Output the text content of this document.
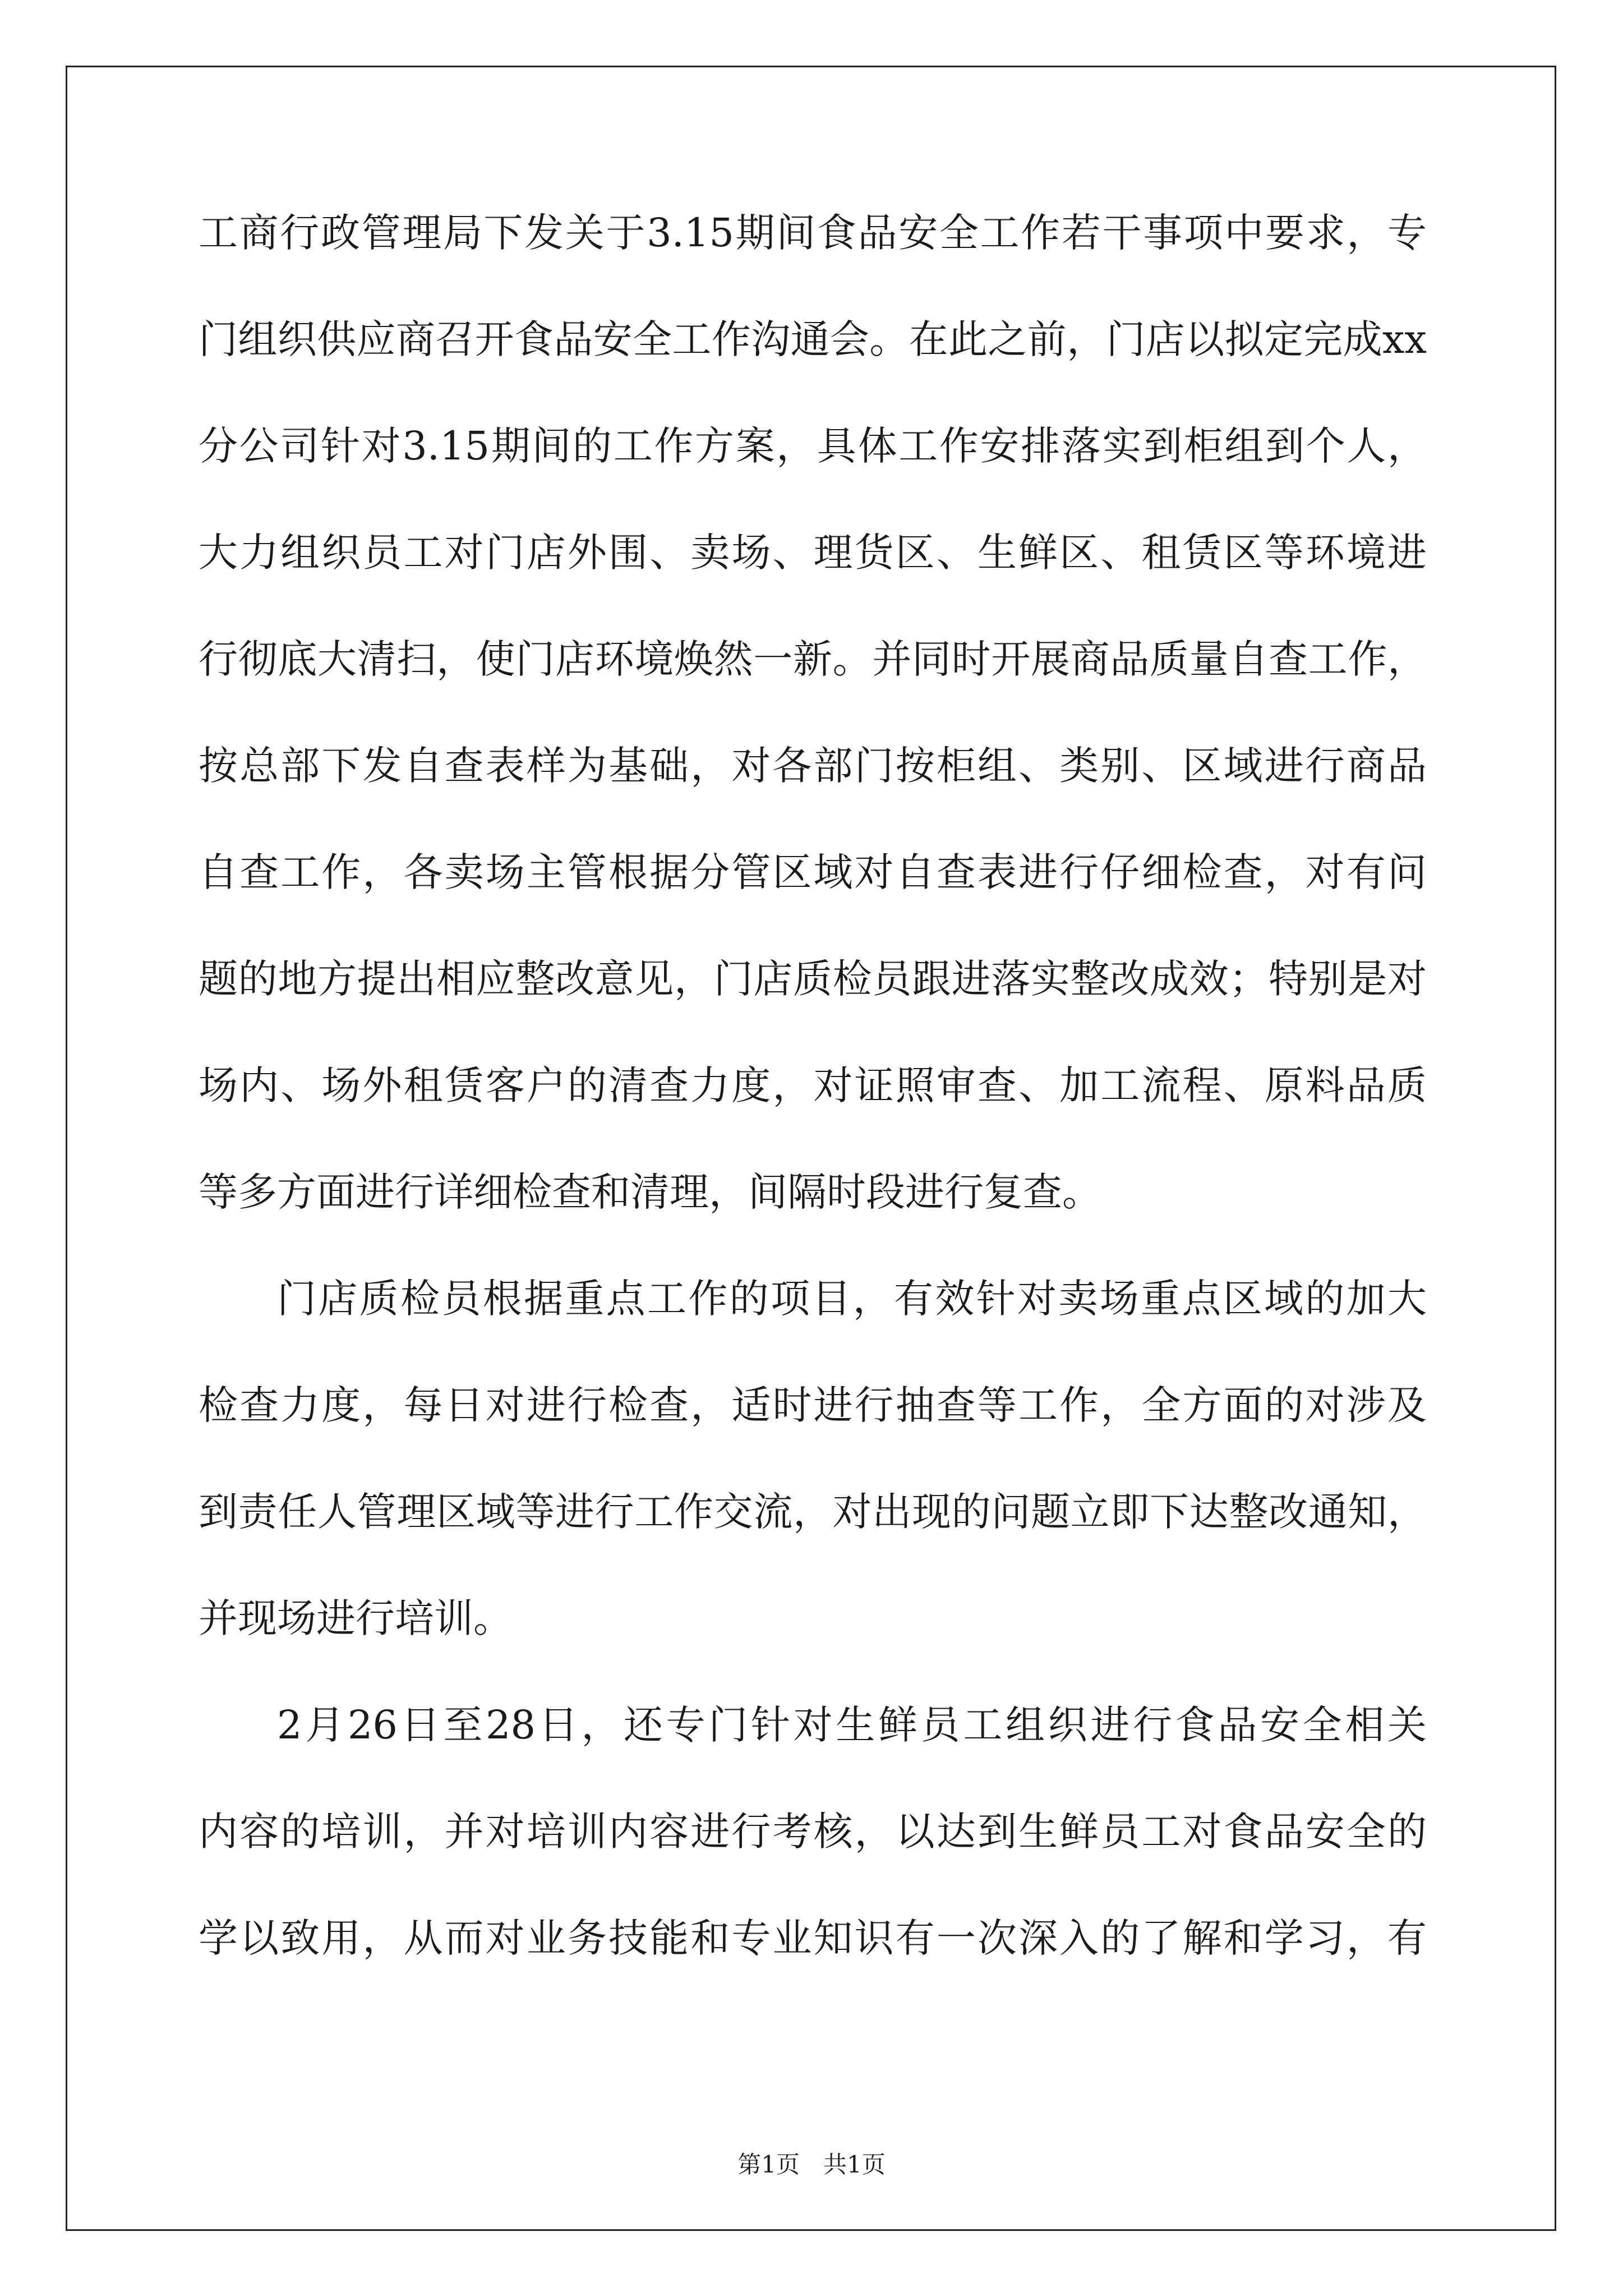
工商行政管理局下发关于3.15期间食品安全工作若干事项中要求，专
门组织供应商召开食品安全工作沟通会。在此之前，门店以拟定完成xx
分公司针对3.15期间的工作方案，具体工作安排落实到柜组到个人，
大力组织员工对门店外围、卖场、理货区、生鲜区、租赁区等环境进
行彻底大清扫，使门店环境焕然一新。并同时开展商品质量自查工作，
按总部下发自查表样为基础，对各部门按柜组、类别、区域进行商品
自查工作，各卖场主管根据分管区域对自查表进行仔细检查，对有问
题的地方提出相应整改意见，门店质检员跟进落实整改成效；特别是对
场内、场外租赁客户的清查力度，对证照审查、加工流程、原料品质
等多方面进行详细检查和清理，间隔时段进行复查。
门店质检员根据重点工作的项目，有效针对卖场重点区域的加大
检查力度，每日对进行检查，适时进行抽查等工作，全方面的对涉及
到责任人管理区域等进行工作交流，对出现的问题立即下达整改通知，
并现场进行培训。
2月26日至28日，还专门针对生鲜员工组织进行食品安全相关
内容的培训，并对培训内容进行考核，以达到生鲜员工对食品安全的
学以致用，从而对业务技能和专业知识有一次深入的了解和学习，有
第1页　共1页
